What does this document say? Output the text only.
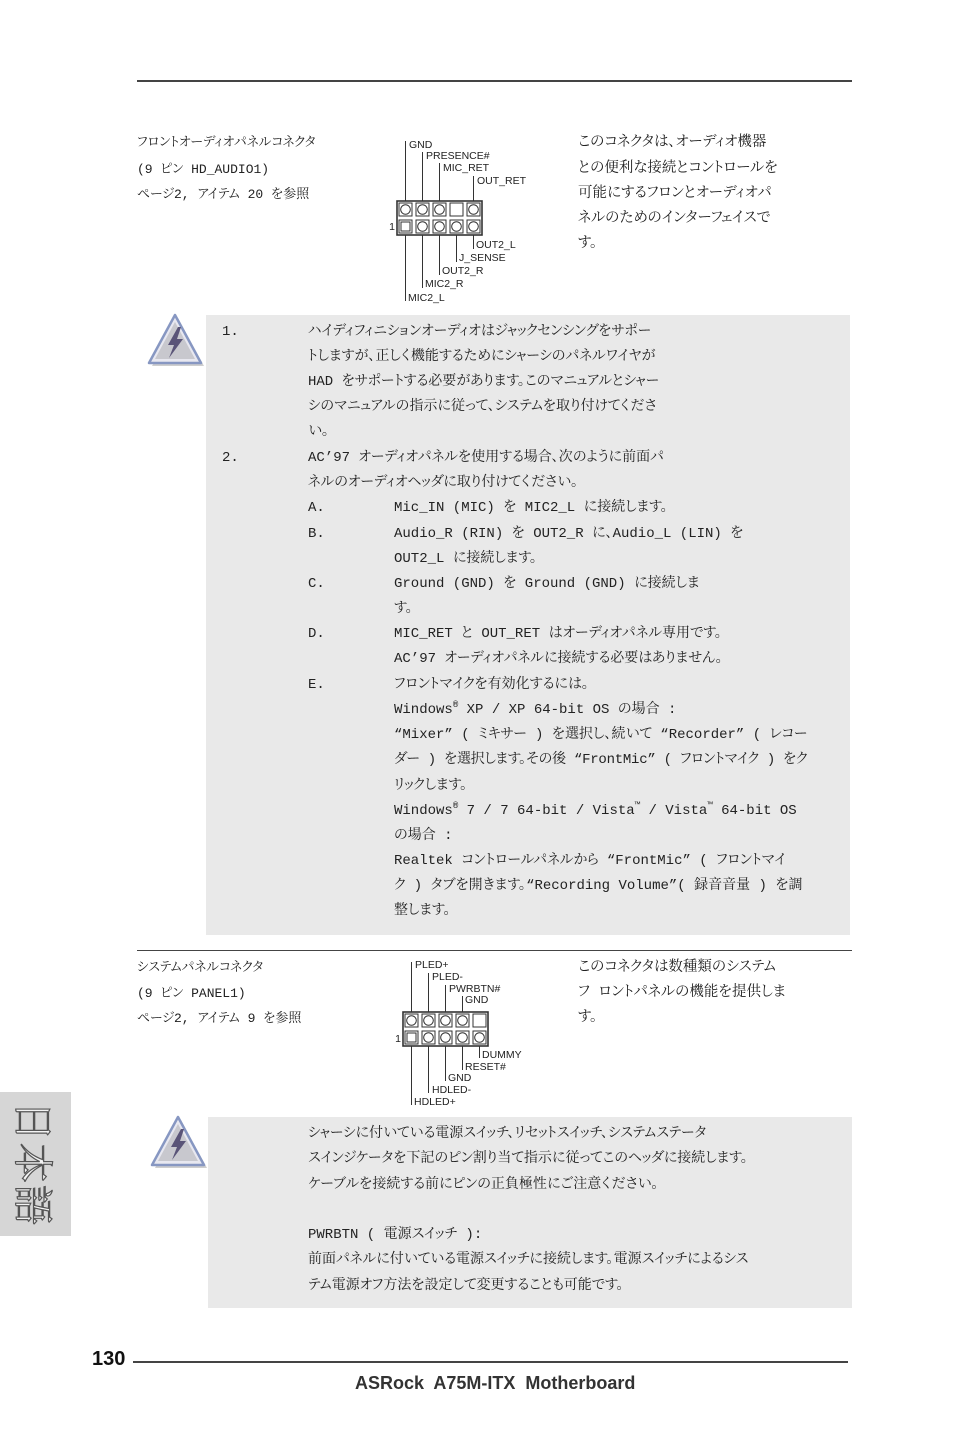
フロントオーディオパネルコネクタ
(9 ピン HD_AUDIO1)
ページ2, アイテム 20 を参照
GND
PRESENCE#
MIC_RET
OUT_RET
OUT2_L
J_SENSE
OUT2_R
MIC2_R
MIC2_L
1
このコネクタは、オーディオ機器
との便利な接続とコントロールを
可能にするフロンとオーディオパ
ネルのためのインターフェイスで
す。
1.	ハイディフィニションオーディオはジャックセンシングをサポー
トしますが、正しく機能するためにシャーシのパネルワイヤが
HAD をサポートする必要があります。このマニュアルとシャー
シのマニュアルの指示に従って、システムを取り付けてくださ
い。
2.	AC’97 オーディオパネルを使用する場合、次のように前面パ
ネルのオーディオヘッダに取り付けてください。
A.	Mic_IN (MIC) を MIC2_L に接続します。
B.	Audio_R (RIN) を OUT2_R に、Audio_L (LIN) を
OUT2_L に接続します。
C.	Ground (GND) を Ground (GND) に接続しま
す。
D.	MIC_RET と OUT_RET はオーディオパネル専用です。
AC’97 オーディオパネルに接続する必要はありません。
E.	フロントマイクを有効化するには。
Windows® XP / XP 64-bit OS の場合 :
“Mixer” ( ミキサー ) を選択し、続いて “Recorder” ( レコー
ダー ) を選択します。その後 “FrontMic” ( フロントマイク ) をク
リックします。
Windows® 7 / 7 64-bit / Vista™ / Vista™ 64-bit OS
の場合 :
Realtek コントロールパネルから “FrontMic” ( フロントマイ
ク ) タブを開きます。“Recording Volume”( 録音音量 ) を調
整します。
システムパネルコネクタ
(9 ピン PANEL1)
ページ2, アイテム 9 を参照
PLED+
PLED-
PWRBTN#
GND
DUMMY
RESET#
GND
HDLED-
HDLED+
1
このコネクタは数種類のシステム
フ ロントパネルの機能を提供しま
す。
シャーシに付いている電源スイッチ、リセットスイッチ、システムステータ
スインジケータを下記のピン割り当て指示に従ってこのヘッダに接続します。
ケーブルを接続する前にピンの正負極性にご注意ください。
PWRBTN ( 電源スイッチ ):
前面パネルに付いている電源スイッチに接続します。電源スイッチによるシス
テム電源オフ方法を設定して変更することも可能です。
日本語
130
ASRock  A75M-ITX  Motherboard
